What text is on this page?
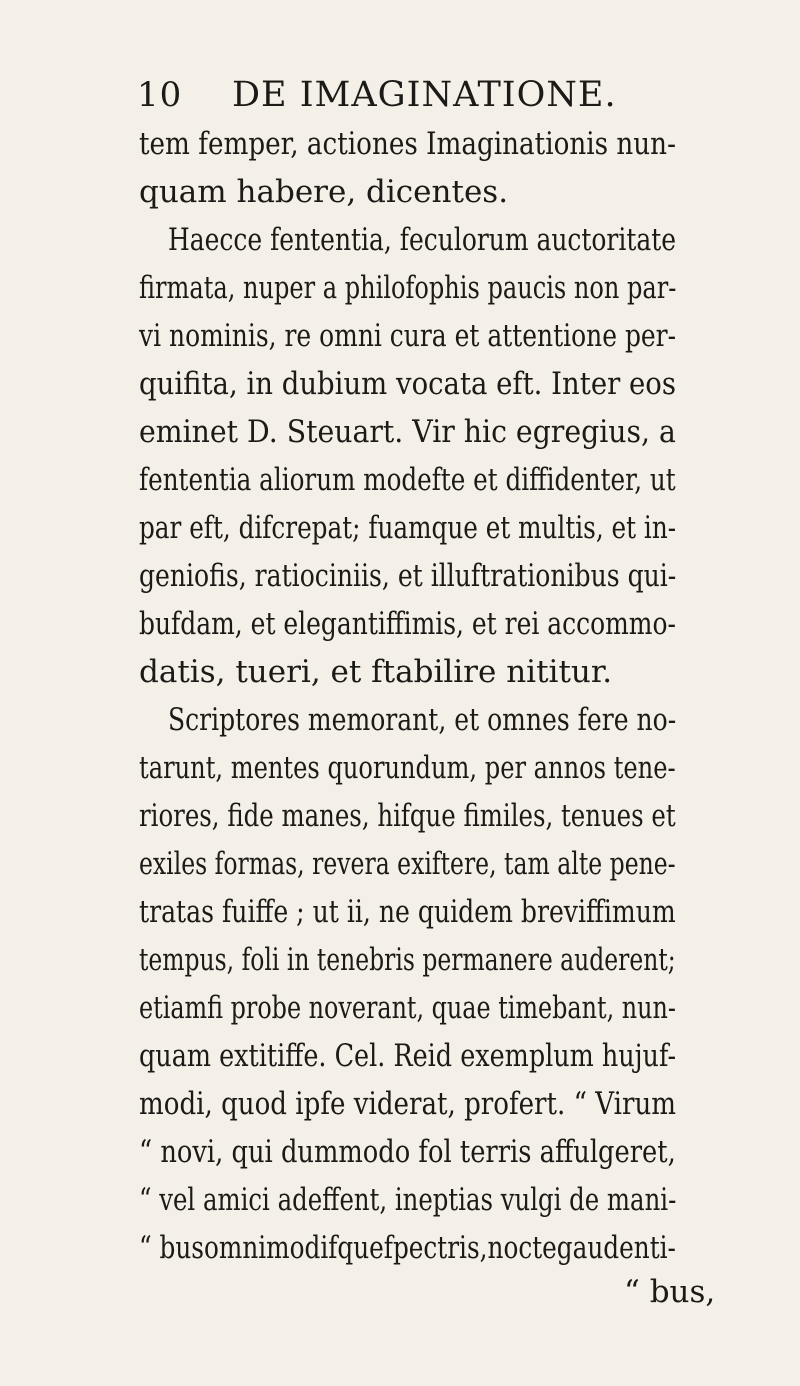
10 DE IMAGINATIONE.
tem femper, actiones Imaginationis nun-
quam habere, dicentes.
Haecce fententia, feculorum auctoritate
firmata, nuper a philofophis paucis non par-
vi nominis, re omni cura et attentione per-
quifita, in dubium vocata eft. Inter eos
eminet D. Steuart. Vir hic egregius, a
fententia aliorum modefte et diffidenter, ut
par eft, difcrepat; fuamque et multis, et in-
geniofis, ratiociniis, et illuftrationibus qui-
bufdam, et elegantiffimis, et rei accommo-
datis, tueri, et ftabilire nititur.
Scriptores memorant, et omnes fere no-
tarunt, mentes quorundum, per annos tene-
riores, fide manes, hifque fimiles, tenues et
exiles formas, revera exiftere, tam alte pene-
tratas fuiffe ; ut ii, ne quidem breviffimum
tempus, foli in tenebris permanere auderent;
etiamfi probe noverant, quae timebant, nun-
quam extitiffe. Cel. Reid exemplum hujuf-
modi, quod ipfe viderat, profert. “ Virum
“ novi, qui dummodo fol terris affulgeret,
“ vel amici adeffent, ineptias vulgi de mani-
“ busomnimodifquefpectris,noctegaudenti-
“ bus,
